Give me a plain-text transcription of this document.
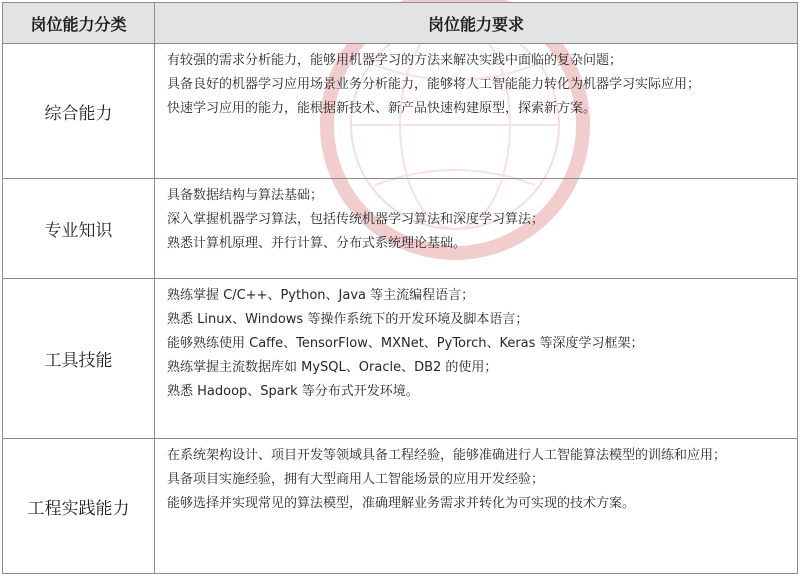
岗位能力分类	岗位能力要求
综合能力	有较强的需求分析能力，能够用机器学习的方法来解决实践中面临的复杂问题；
具备良好的机器学习应用场景业务分析能力，能够将人工智能能力转化为机器学习实际应用；
快速学习应用的能力，能根据新技术、新产品快速构建原型，探索新方案。

专业知识	具备数据结构与算法基础；
深入掌握机器学习算法，包括传统机器学习算法和深度学习算法；
熟悉计算机原理、并行计算、分布式系统理论基础。

工具技能	熟练掌握 C/C++、Python、Java 等主流编程语言；
熟悉 Linux、Windows 等操作系统下的开发环境及脚本语言；
能够熟练使用 Caffe、TensorFlow、MXNet、PyTorch、Keras 等深度学习框架；
熟练掌握主流数据库如 MySQL、Oracle、DB2 的使用；
熟悉 Hadoop、Spark 等分布式开发环境。

工程实践能力	在系统架构设计、项目开发等领域具备工程经验，能够准确进行人工智能算法模型的训练和应用；
具备项目实施经验，拥有大型商用人工智能场景的应用开发经验；
能够选择并实现常见的算法模型，准确理解业务需求并转化为可实现的技术方案。
